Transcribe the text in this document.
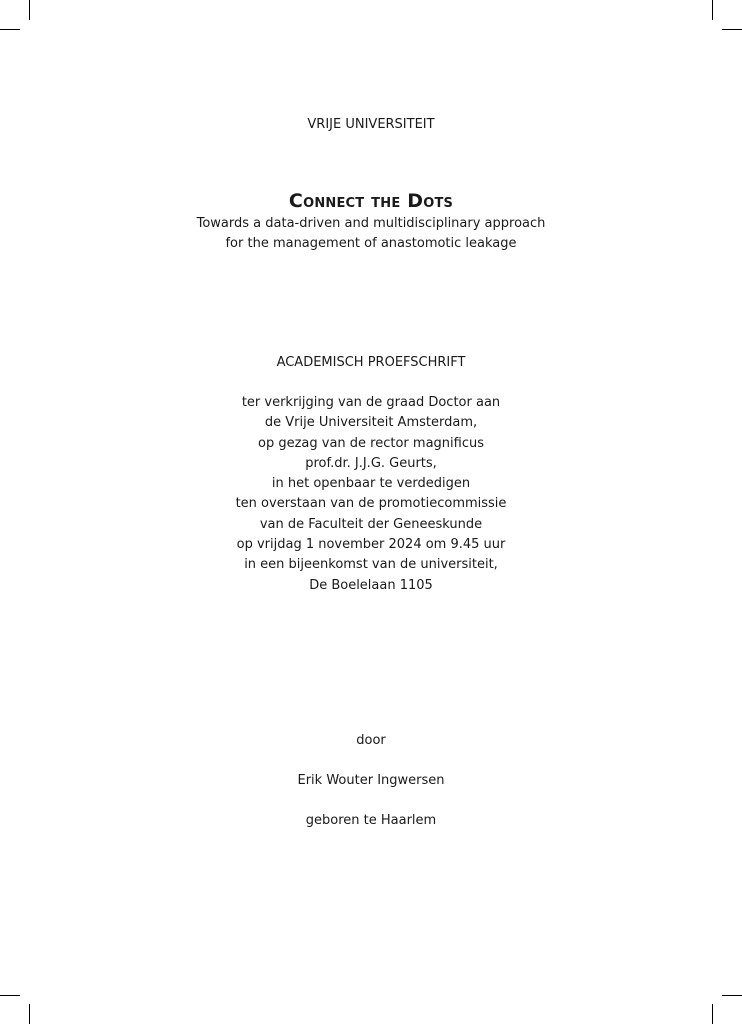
VRIJE UNIVERSITEIT
Connect the Dots
Towards a data-driven and multidisciplinary approach
for the management of anastomotic leakage
ACADEMISCH PROEFSCHRIFT
ter verkrijging van de graad Doctor aan
de Vrije Universiteit Amsterdam,
op gezag van de rector magnificus
prof.dr. J.J.G. Geurts,
in het openbaar te verdedigen
ten overstaan van de promotiecommissie
van de Faculteit der Geneeskunde
op vrijdag 1 november 2024 om 9.45 uur
in een bijeenkomst van de universiteit,
De Boelelaan 1105
door
Erik Wouter Ingwersen
geboren te Haarlem
